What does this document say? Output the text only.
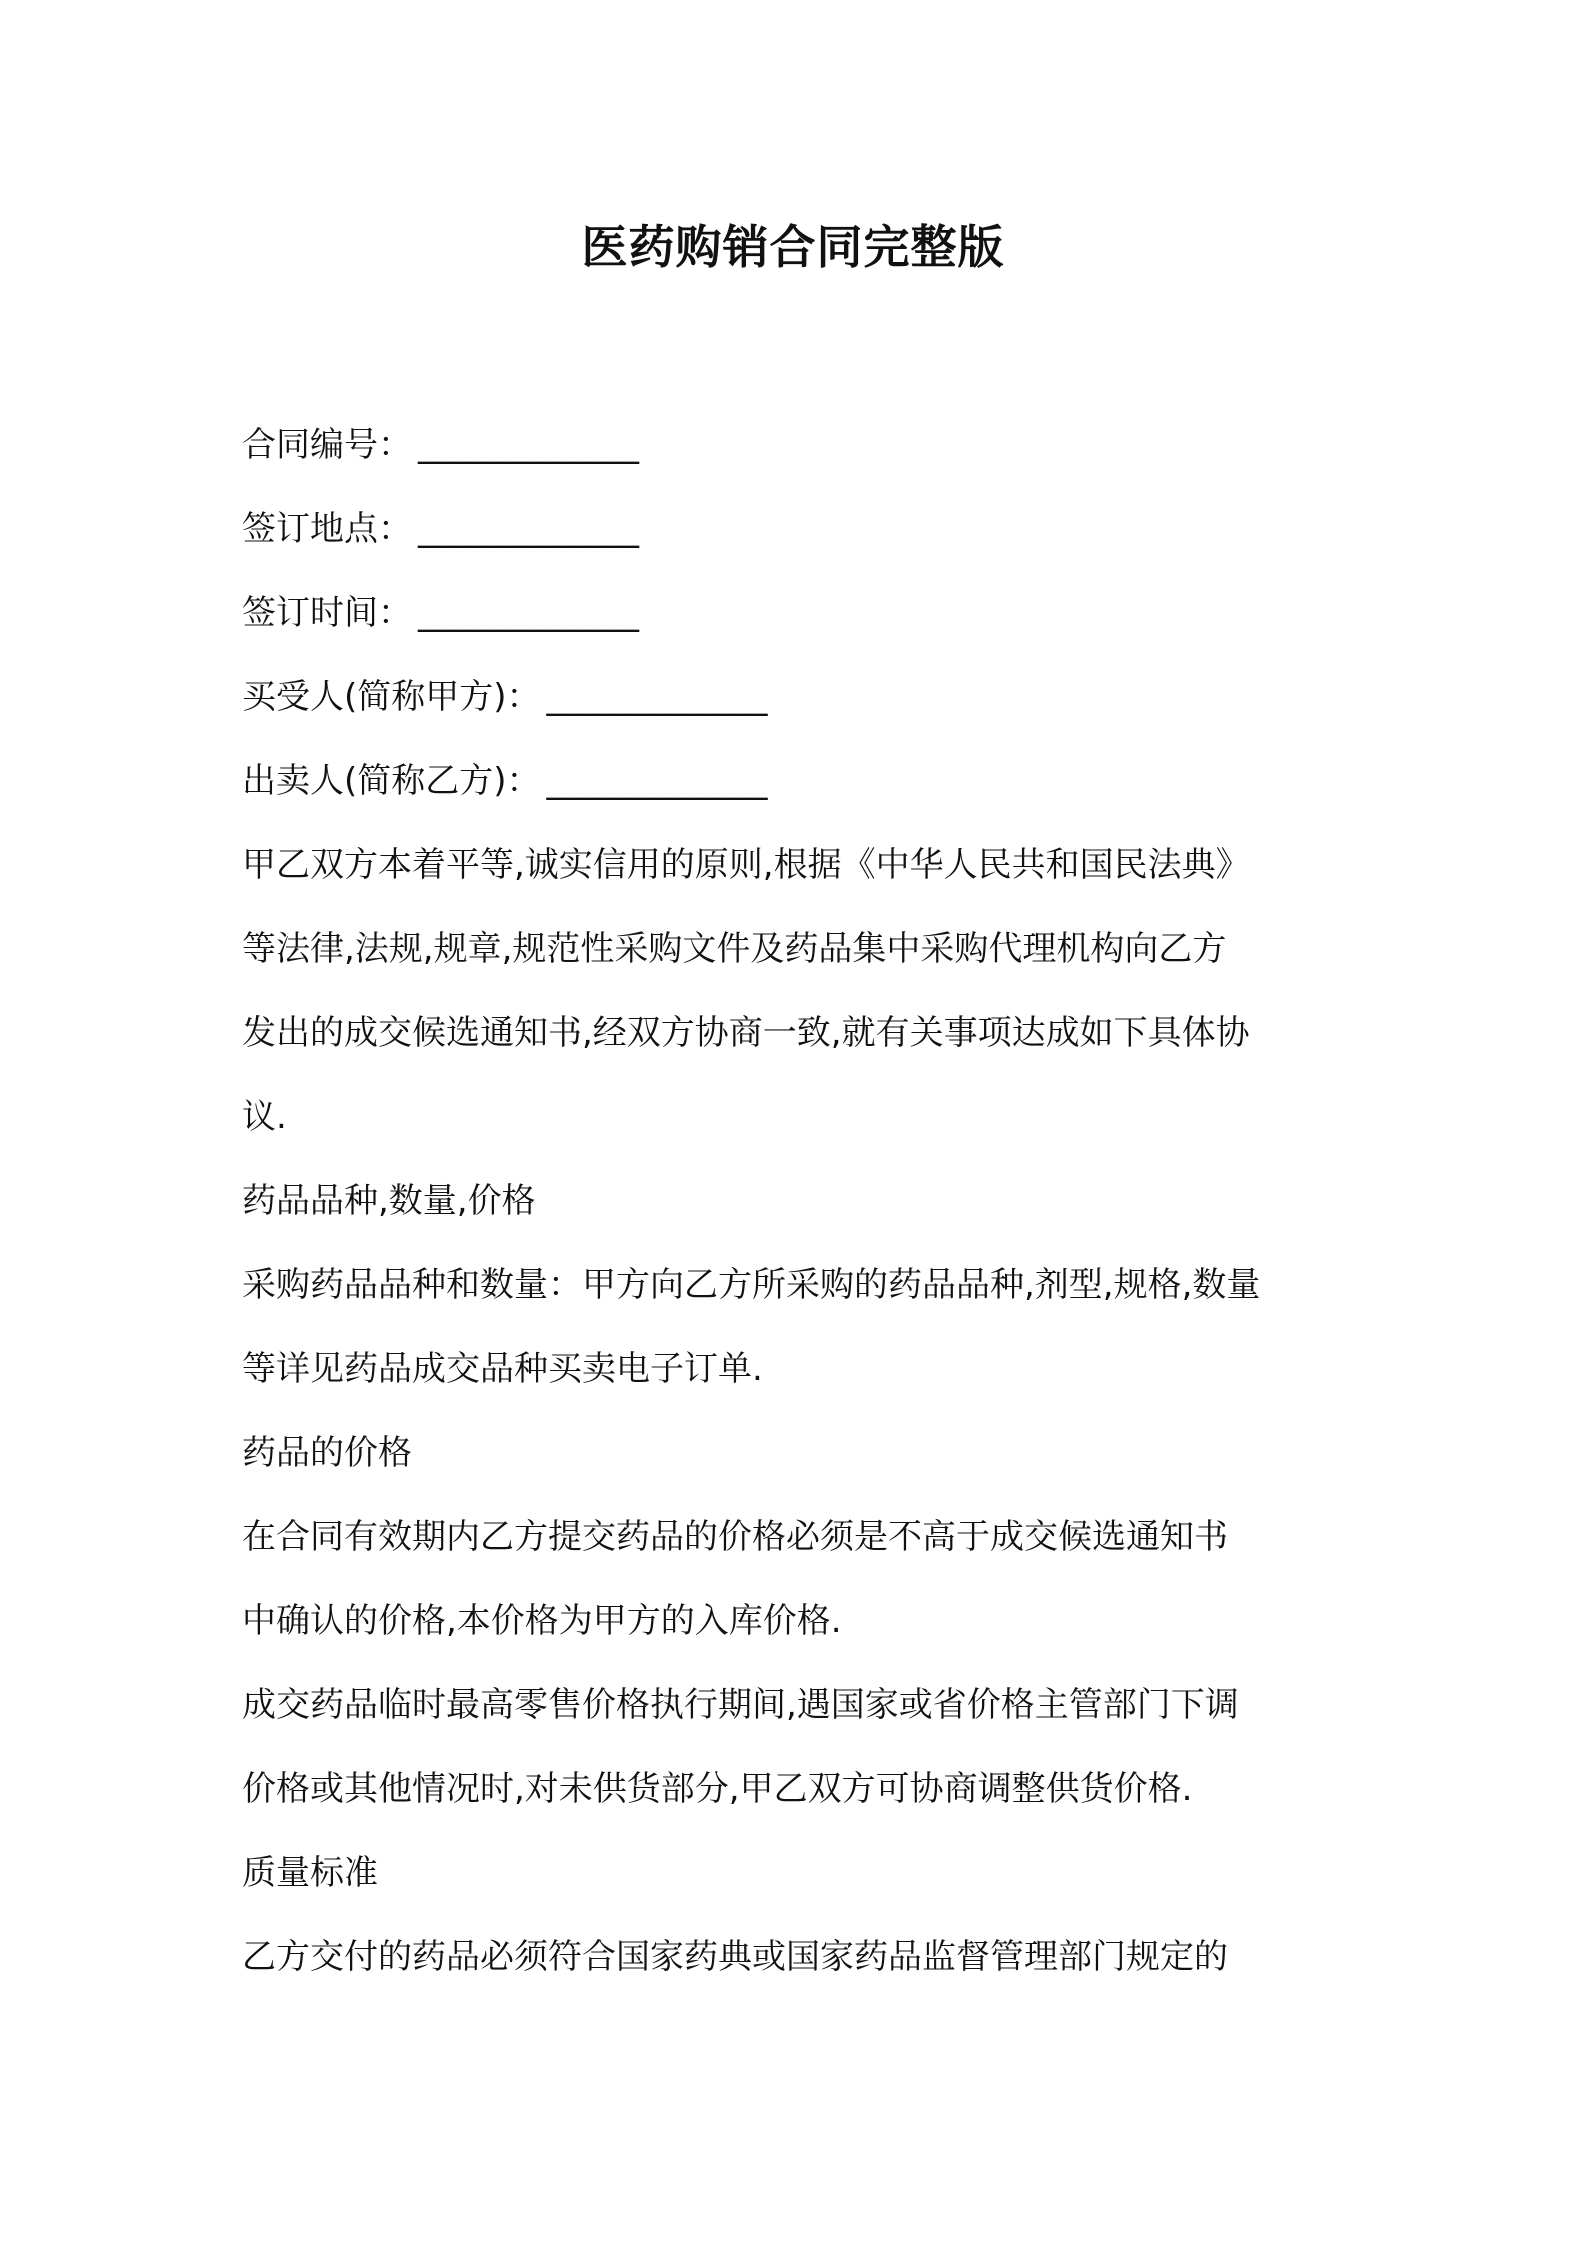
医药购销合同完整版
合同编号： _____________
签订地点： _____________
签订时间： _____________
买受人(简称甲方)： _____________
出卖人(简称乙方)： _____________
甲乙双方本着平等,诚实信用的原则,根据《中华人民共和国民法典》
等法律,法规,规章,规范性采购文件及药品集中采购代理机构向乙方
发出的成交候选通知书,经双方协商一致,就有关事项达成如下具体协
议.
药品品种,数量,价格
采购药品品种和数量：甲方向乙方所采购的药品品种,剂型,规格,数量
等详见药品成交品种买卖电子订单.
药品的价格
在合同有效期内乙方提交药品的价格必须是不高于成交候选通知书
中确认的价格,本价格为甲方的入库价格.
成交药品临时最高零售价格执行期间,遇国家或省价格主管部门下调
价格或其他情况时,对未供货部分,甲乙双方可协商调整供货价格.
质量标准
乙方交付的药品必须符合国家药典或国家药品监督管理部门规定的
